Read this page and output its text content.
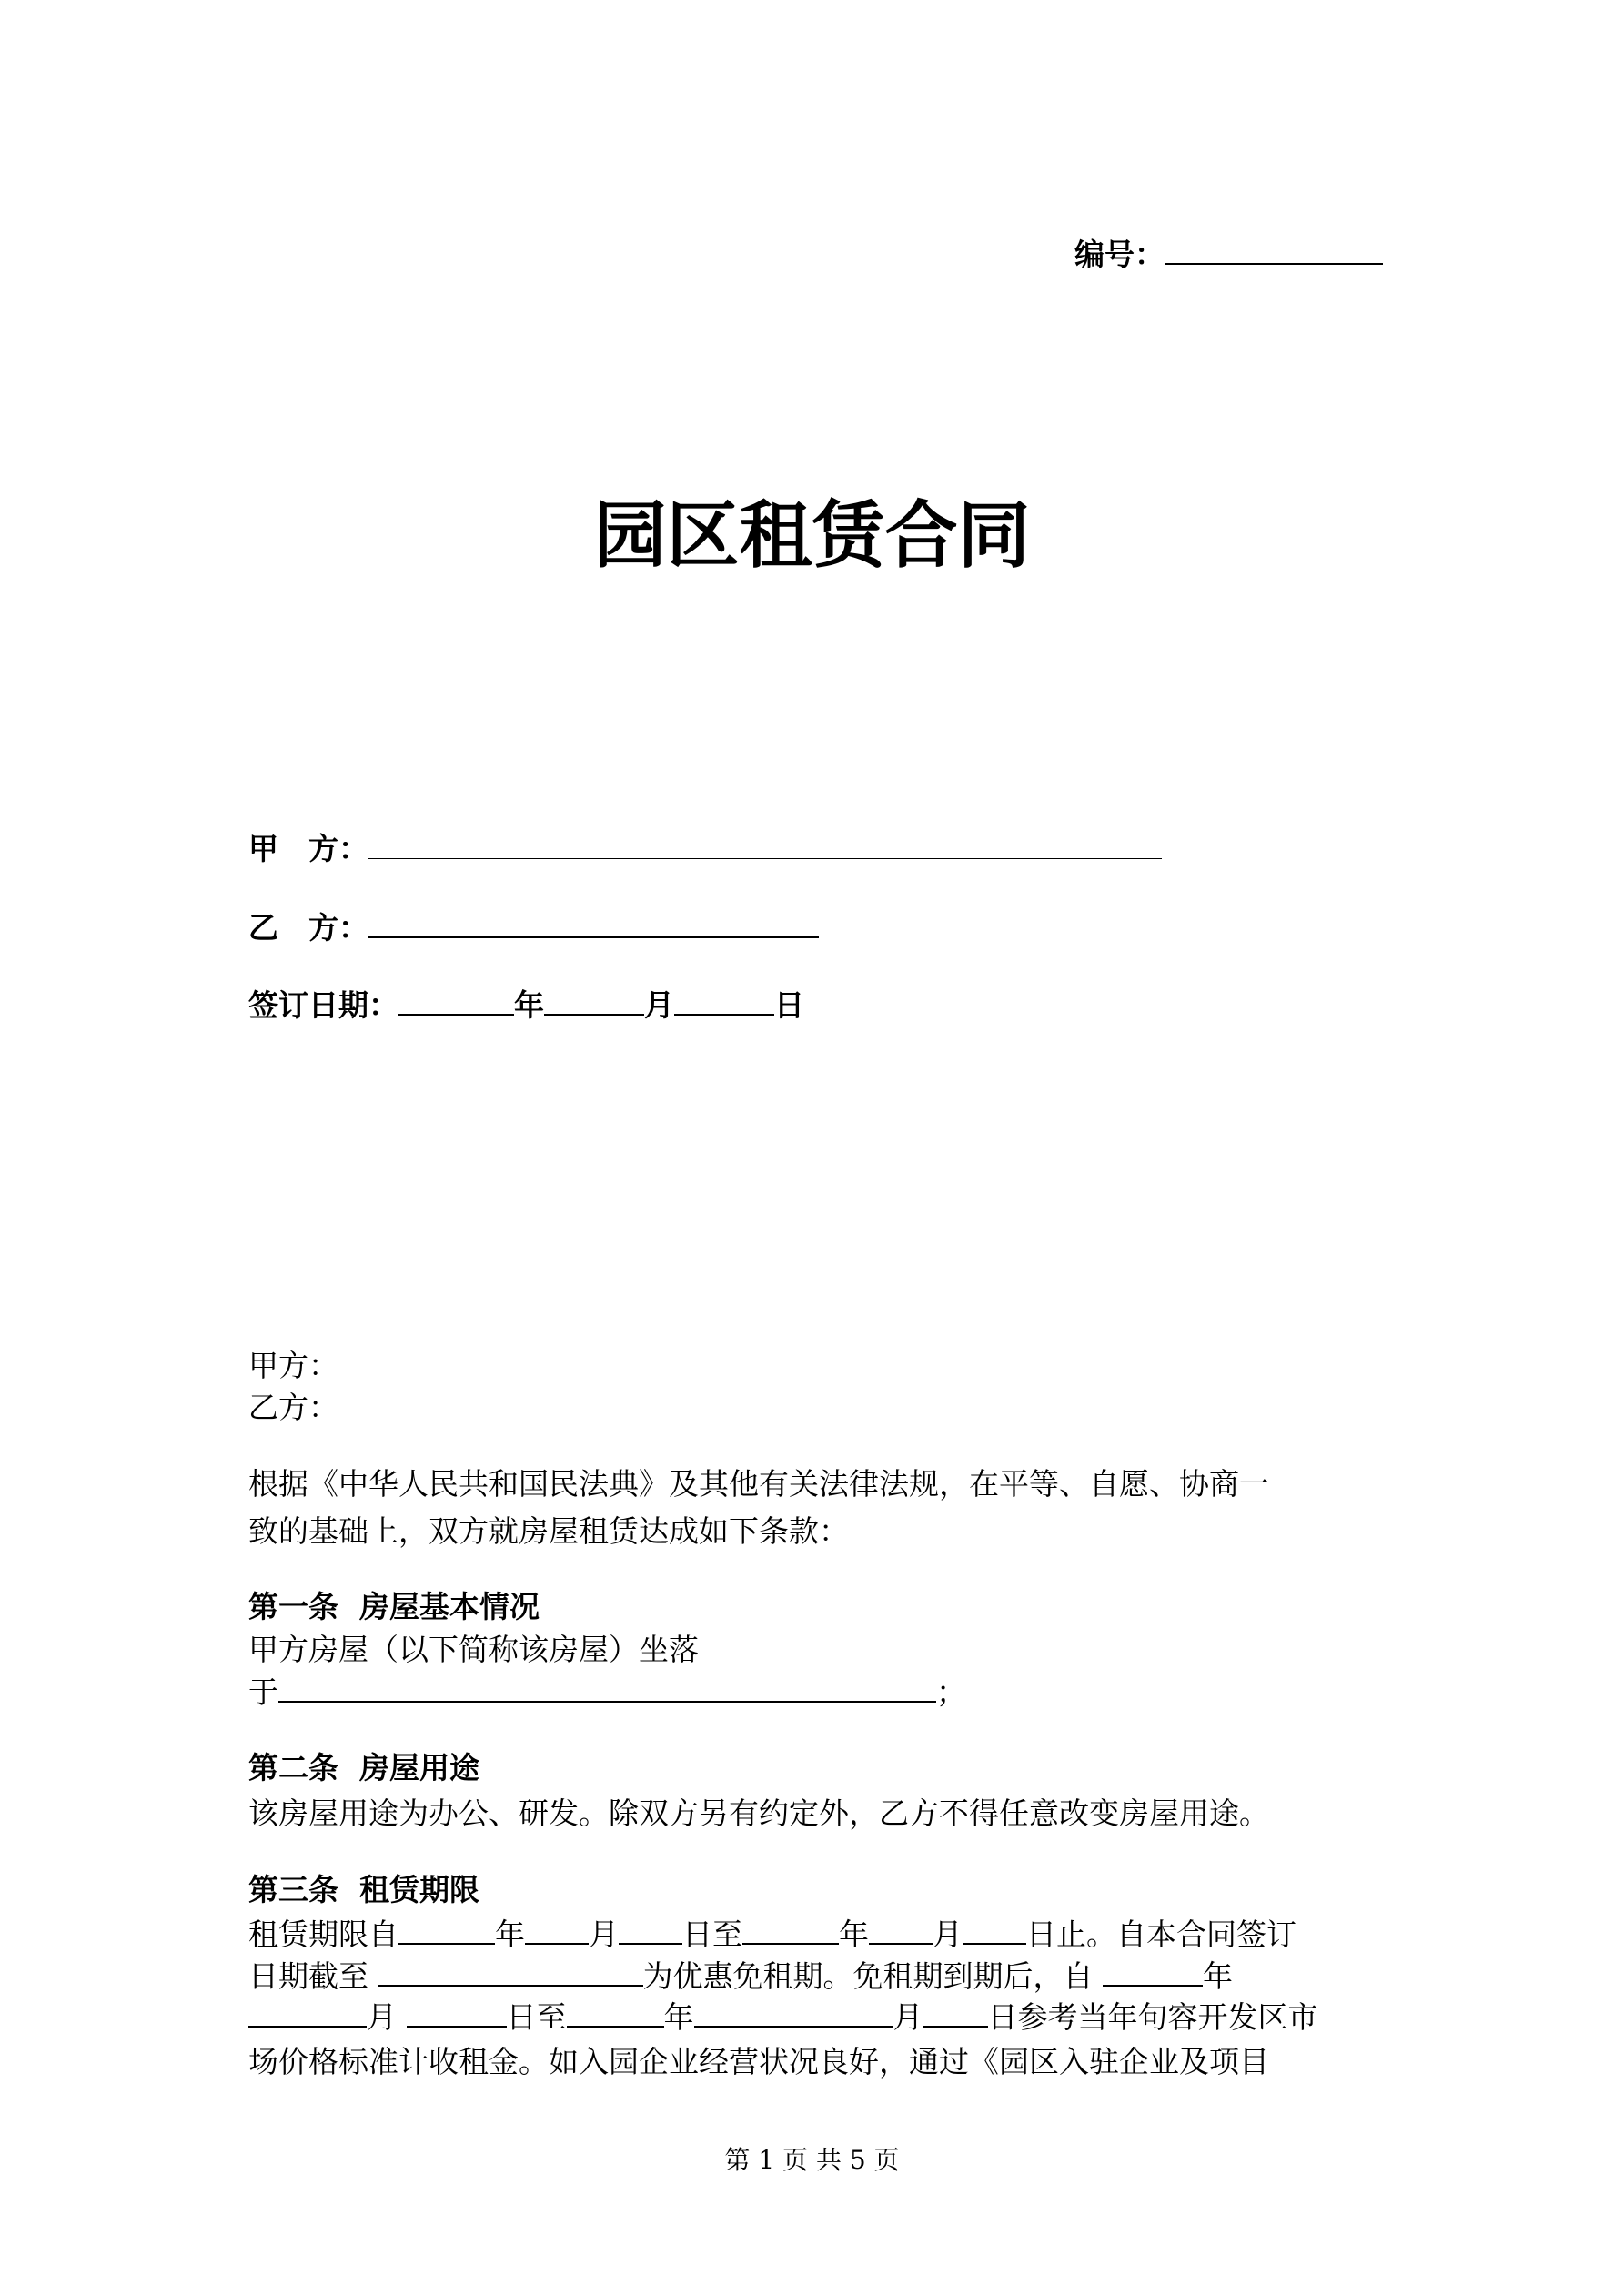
编号：
园区租赁合同
甲　方：
乙　方：
签订日期：	年	月	日
甲方：
乙方：
根据《中华人民共和国民法典》及其他有关法律法规，在平等、自愿、协商一
致的基础上，双方就房屋租赁达成如下条款：
第一条  房屋基本情况
甲方房屋（以下简称该房屋）坐落
于	；
第二条  房屋用途
该房屋用途为办公、研发。除双方另有约定外，乙方不得任意改变房屋用途。
第三条  租赁期限
租赁期限自	年 月 日至	年 月 日止。自本合同签订
日期截至	为优惠免租期。免租期到期后，自	年
月	日至	年	月 日参考当年句容开发区市
场价格标准计收租金。如入园企业经营状况良好，通过《园区入驻企业及项目
第 1 页 共 5 页
